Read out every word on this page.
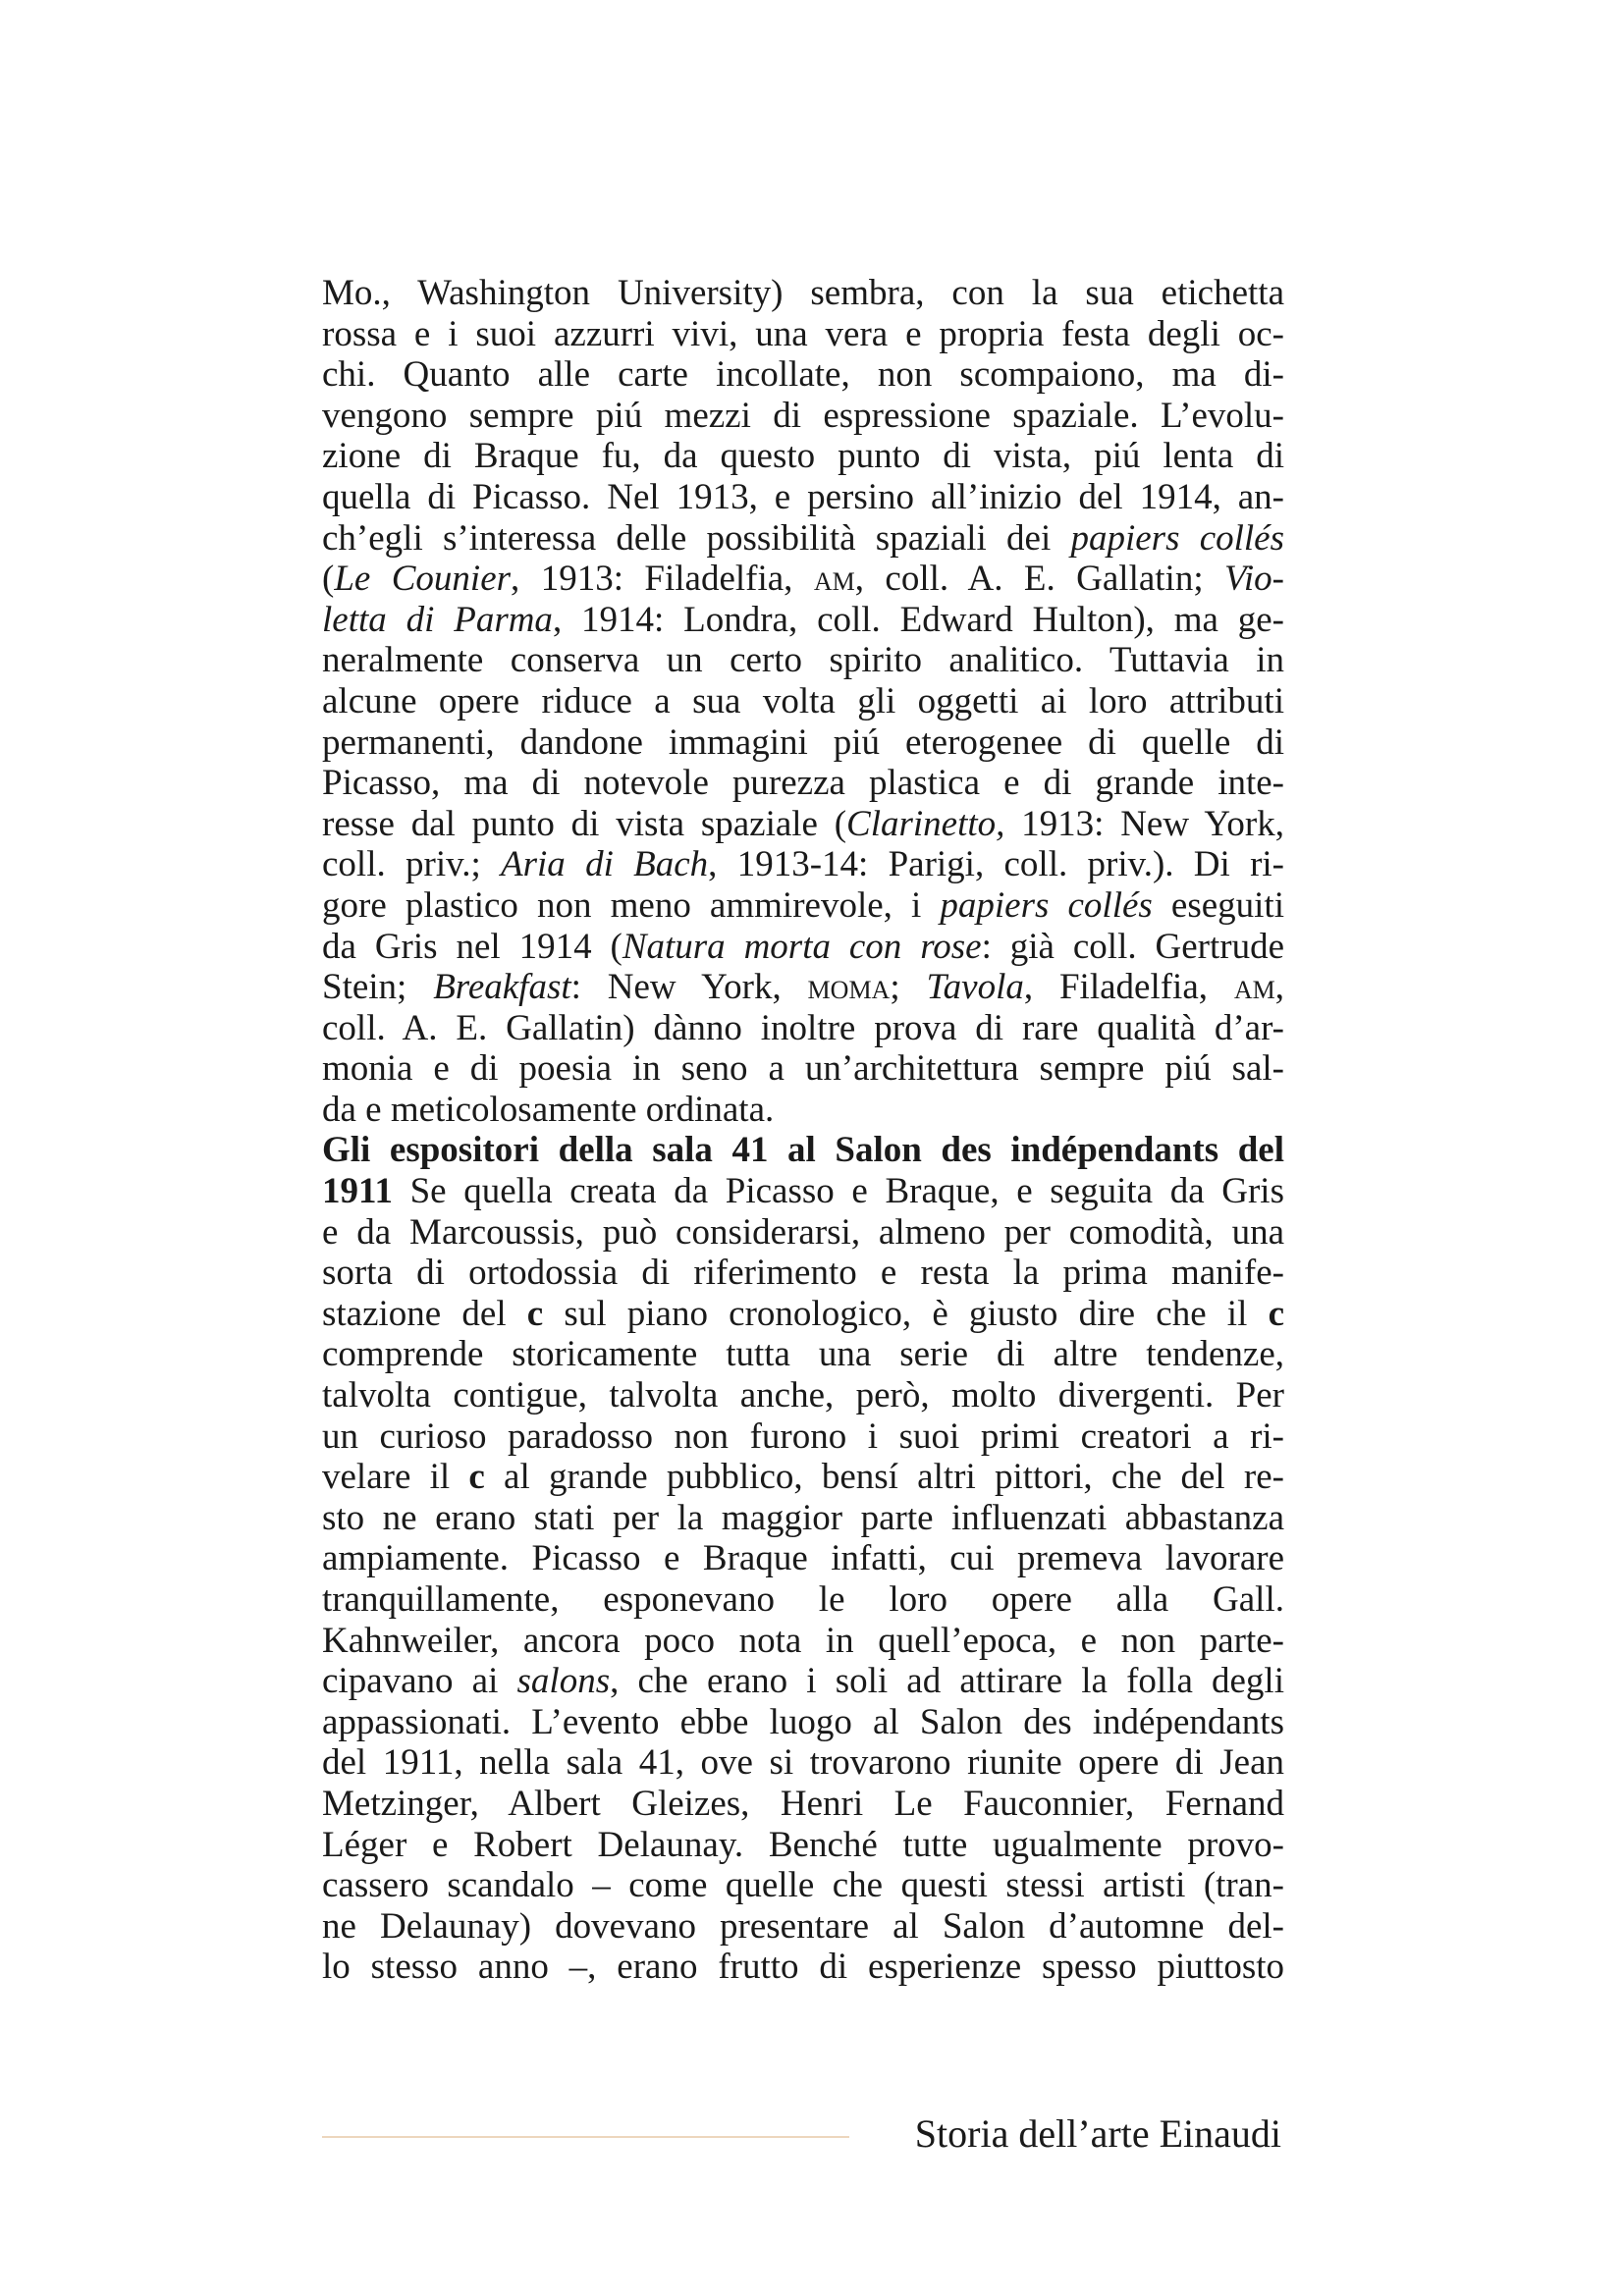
Mo., Washington University) sembra, con la sua etichetta
rossa e i suoi azzurri vivi, una vera e propria festa degli oc-
chi. Quanto alle carte incollate, non scompaiono, ma di-
vengono sempre piú mezzi di espressione spaziale. L’evolu-
zione di Braque fu, da questo punto di vista, piú lenta di
quella di Picasso. Nel 1913, e persino all’inizio del 1914, an-
ch’egli s’interessa delle possibilità spaziali dei papiers collés
(Le Counier, 1913: Filadelfia, am, coll. A. E. Gallatin; Vio-
letta di Parma, 1914: Londra, coll. Edward Hulton), ma ge-
neralmente conserva un certo spirito analitico. Tuttavia in
alcune opere riduce a sua volta gli oggetti ai loro attributi
permanenti, dandone immagini piú eterogenee di quelle di
Picasso, ma di notevole purezza plastica e di grande inte-
resse dal punto di vista spaziale (Clarinetto, 1913: New York,
coll. priv.; Aria di Bach, 1913-14: Parigi, coll. priv.). Di ri-
gore plastico non meno ammirevole, i papiers collés eseguiti
da Gris nel 1914 (Natura morta con rose: già coll. Gertrude
Stein; Breakfast: New York, moma; Tavola, Filadelfia, am,
coll. A. E. Gallatin) dànno inoltre prova di rare qualità d’ar-
monia e di poesia in seno a un’architettura sempre piú sal-
da e meticolosamente ordinata.
Gli espositori della sala 41 al Salon des indépendants del
1911 Se quella creata da Picasso e Braque, e seguita da Gris
e da Marcoussis, può considerarsi, almeno per comodità, una
sorta di ortodossia di riferimento e resta la prima manife-
stazione del c sul piano cronologico, è giusto dire che il c
comprende storicamente tutta una serie di altre tendenze,
talvolta contigue, talvolta anche, però, molto divergenti. Per
un curioso paradosso non furono i suoi primi creatori a ri-
velare il c al grande pubblico, bensí altri pittori, che del re-
sto ne erano stati per la maggior parte influenzati abbastanza
ampiamente. Picasso e Braque infatti, cui premeva lavorare
tranquillamente, esponevano le loro opere alla Gall.
Kahnweiler, ancora poco nota in quell’epoca, e non parte-
cipavano ai salons, che erano i soli ad attirare la folla degli
appassionati. L’evento ebbe luogo al Salon des indépendants
del 1911, nella sala 41, ove si trovarono riunite opere di Jean
Metzinger, Albert Gleizes, Henri Le Fauconnier, Fernand
Léger e Robert Delaunay. Benché tutte ugualmente provo-
cassero scandalo – come quelle che questi stessi artisti (tran-
ne Delaunay) dovevano presentare al Salon d’automne del-
lo stesso anno –, erano frutto di esperienze spesso piuttosto
Storia dell’arte Einaudi
